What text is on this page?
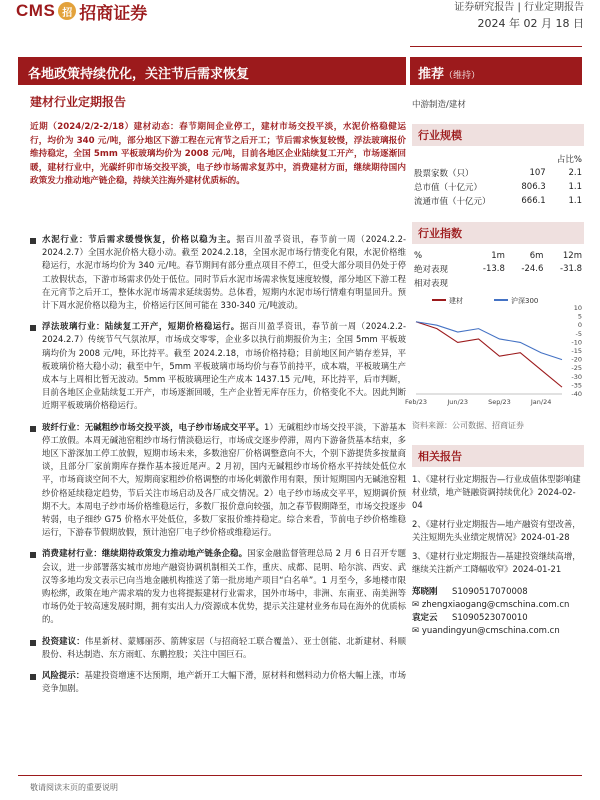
CMS 招 招商证券	证券研究报告 | 行业定期报告
2024 年 02 月 18 日
各地政策持续优化，关注节后需求恢复	推荐（维持）
建材行业定期报告
近期（2024/2/2-2/18）建材动态：春节期间企业停工，建材市场交投平淡，水泥价格稳健运行，均价为 340 元/吨，部分地区下游工程在元宵节之后开工；节后需求恢复较慢，浮法玻璃报价维持稳定，全国 5mm 平板玻璃均价为 2008 元/吨，目前各地区企业陆续复工开产，市场逐渐回暖，建材行业中，光碳纤卯市场交投平淡，电子纱市场需求复苏中，消费建材方面，继续期待国内政策发力推动地产链企稳，持续关注海外建材优质标的。
水泥行业：节后需求缓慢恢复，价格以稳为主。据百川盈孚资讯，春节前一周（2024.2.2-2024.2.7）全国水泥价格大稳小动。截至 2024.2.18，全国水泥市场行情变化有限，水泥价格维稳运行，水泥市场均价为 340 元/吨。春节期间有部分重点项目不停工，但受大部分项目仍处于停工放假状态，下游市场需求仍处于低位。同时节后水泥市场需求恢复速度较慢，部分地区下游工程在元宵节之后开工，整体水泥市场需求延续弱势。总体看，短期内水泥市场行情难有明显回升。预计下周水泥价格以稳为主，价格运行区间可能在 330-340 元/吨波动。
浮法玻璃行业：陆续复工开产，短期价格稳运行。据百川盈孚资讯，春节前一周（2024.2.2-2024.2.7）传统节气气氛浓厚，市场成交零零，企业多以执行前期报价为主；全国 5mm 平板玻璃均价为 2008 元/吨，环比持平。截至 2024.2.18，市场价格持稳；目前地区间产销存差异，平板玻璃价格大稳小动；截至中午，5mm 平板玻璃市场均价与春节前持平，成本端，平板玻璃生产成本与上周相比暂无波动。5mm 平板玻璃理论生产成本 1437.15 元/吨，环比持平，后市判断，目前各地区企业陆续复工开产，市场逐渐回暖，生产企业暂无库存压力，价格变化不大。因此判断近期平板玻璃价格稳运行。
玻纤行业：无碱粗纱市场交投平淡，电子纱市场成交平平。1）无碱粗纱市场交投平淡，下游基本停工放假。本周无碱池窑粗纱市场行情淡稳运行，市场成交逐步停滞，周内下游备货基本结束，多地区下游深加工停工放假，短期市场未来，多数池窑厂价格调整意向不大，个别下游提货多按量商谈，且部分厂家前期库存操作基本接近尾声。2 月初，国内无碱粗纱市场价格水平持续处低位水平，市场商谈空间不大，短期商家粗纱价格调整的市场化刺激作用有限，预计短期国内无碱池窑粗纱价格延续稳定趋势，节后关注市场启动及各厂成交情况。2）电子纱市场成交平平，短期调价预期不大。本周电子纱市场价格维稳运行，多数厂报价意向较强，加之春节假期降至，市场交投逐步转弱，电子细纱 G75 价格水平处低位，多数厂家报价维持稳定。综合来看，节前电子纱价格维稳运行，下游春节假期放假，预计池窑厂电子纱价格或维稳运行。
消费建材行业：继续期待政策发力推动地产链条企稳。国家金融监督管理总局 2 月 6 日召开专题会议，进一步部署落实城市房地产融资协调机制相关工作，重庆、成都、昆明、哈尔滨、西安、武汉等多地均发文表示已向当地金融机构推送了第一批房地产项目“白名单”。1 月至今，多地楼市限购松绑，政策在地产需求端的发力也将提振建材行业需求，国外市场中，非洲、东南亚、南美洲等市场仍处于较高速发展时期，拥有实出人力/资源成本优势，提示关注建材业务布局在海外的优质标的。
投资建议：伟星新材、蒙娜丽莎、箭牌家居（与招商轻工联合覆盖）、亚士创能、北新建材、科顺股份、科达制造、东方雨虹、东鹏控股；关注中国巨石。
风险提示：基建投资增速不达预期，地产新开工大幅下滑，原材料和燃料动力价格大幅上涨，市场竞争加剧。
中游制造/建材
行业规模
		占比%
股票家数（只）	107	2.1
总市值（十亿元）	806.3	1.1
流通市值（十亿元）	666.1	1.1
行业指数
%	1m	6m	12m
绝对表现	-13.8	-24.6	-31.8
相对表现			
建材	沪深300
10
5
0
-5
-10
-15
-20
-25
-30
-35
-40
Feb/23	Jun/23	Sep/23	Jan/24
资料来源：公司数据、招商证券
相关报告
1、《建材行业定期报告—行业成值体型影响建材业绩，地产链融资调持续优化》2024-02-04
2、《建材行业定期报告—地产融资有望改善，关注短期先头业绩定规情况》2024-01-28
3、《建材行业定期报告—基建投资继续高增，继续关注新产工降幅收窄》2024-01-21
郑晓刚 S1090517070008
✉ zhengxiaogang@cmschina.com.cn
袁定云 S1090523070010
✉ yuandingyun@cmschina.com.cn
敬请阅读末页的重要说明
